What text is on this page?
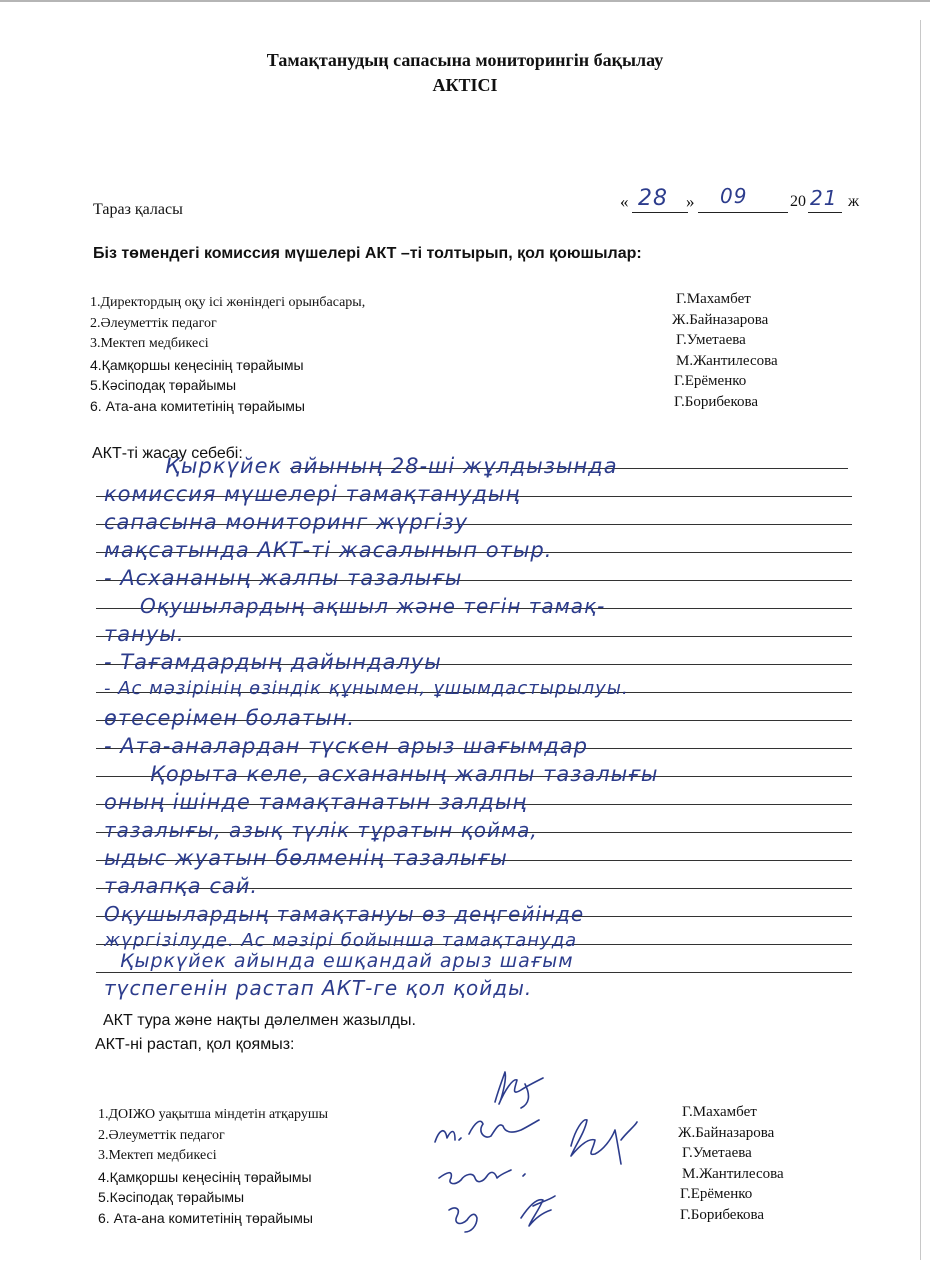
Тамақтанудың сапасына мониторингін бақылау
АКТІСІ
Тараз қаласы	« 28 » 09	20 21 ж
Біз төмендегі комиссия мүшелері АКТ –ті толтырып, қол қоюшылар:
1.Директордың оқу ісі жөніндегі орынбасары,
2.Әлеуметтік педагог
3.Мектеп медбикесі
4.Қамқоршы кеңесінің төрайымы
5.Кәсіподақ төрайымы
6. Ата-ана комитетінің төрайымы
Г.Махамбет
Ж.Байназарова
Г.Уметаева
М.Жантилесова
Г.Ерёменко
Г.Борибекова
АКТ-ті жасау себебі:
Қыркүйек айының 28-ші жұлдызында
комиссия мүшелері тамақтанудың
сапасына мониторинг жүргізу
мақсатында АКТ-ті жасалынып отыр.
- Асхананың жалпы тазалығы
Оқушылардың ақшыл және тегін тамақ-
тануы.
- Тағамдардың дайындалуы
- Ас мәзірінің өзіндік құнымен, ұшымдастырылуы.
өтесерімен болатын.
- Ата-аналардан түскен арыз шағымдар
Қорыта келе, асхананың жалпы тазалығы
оның ішінде тамақтанатын залдың
тазалығы, азық түлік тұратын қойма,
ыдыс жуатын бөлменің тазалығы
талапқа сай.
Оқушылардың тамақтануы өз деңгейінде
жүргізілуде. Ас мәзірі бойынша тамақтануда
Қыркүйек айында ешқандай арыз шағым
түспегенін растап АКТ-ге қол қойды.
АКТ тура және нақты дәлелмен жазылды.
АКТ-ні растап, қол қоямыз:
1.ДОІЖО уақытша міндетін атқарушы
2.Әлеуметтік педагог
3.Мектеп медбикесі
4.Қамқоршы кеңесінің төрайымы
5.Кәсіподақ төрайымы
6. Ата-ана комитетінің төрайымы
Г.Махамбет
Ж.Байназарова
Г.Уметаева
М.Жантилесова
Г.Ерёменко
Г.Борибекова
